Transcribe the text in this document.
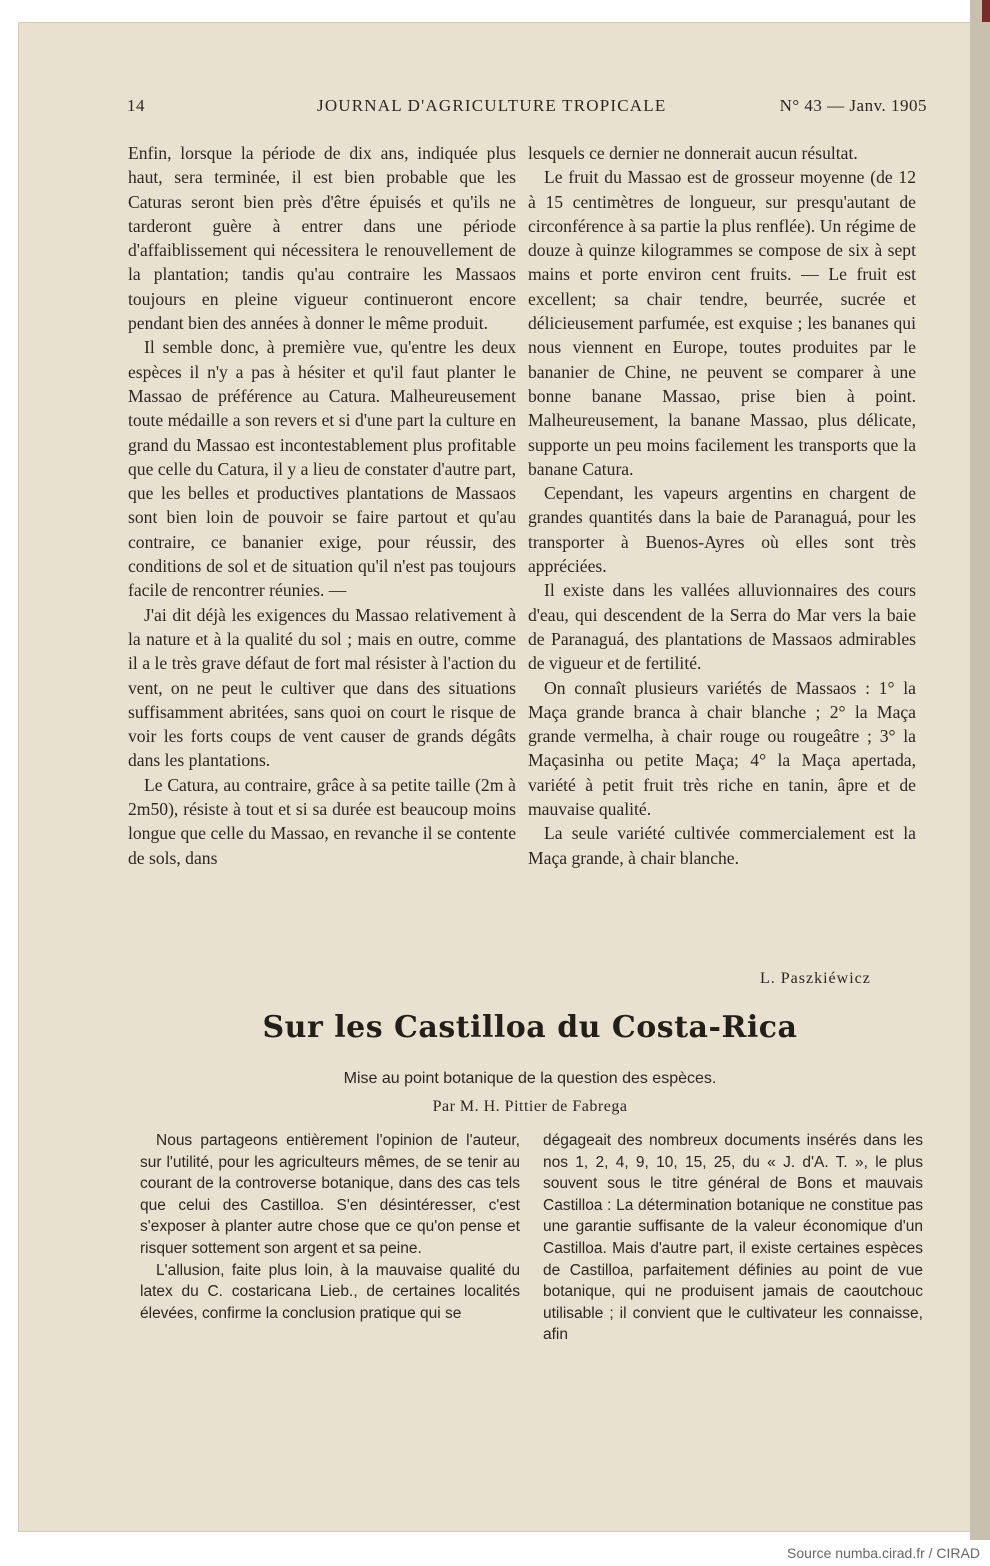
14	JOURNAL D'AGRICULTURE TROPICALE	N° 43 — Janv. 1905

Enfin, lorsque la période de dix ans, indiquée plus haut, sera terminée, il est bien probable que les Caturas seront bien près d'être épuisés et qu'ils ne tarderont guère à entrer dans une période d'affaiblissement qui nécessitera le renouvellement de la plantation; tandis qu'au contraire les Massaos toujours en pleine vigueur continueront encore pendant bien des années à donner le même produit.

Il semble donc, à première vue, qu'entre les deux espèces il n'y a pas à hésiter et qu'il faut planter le Massao de préférence au Catura. Malheureusement toute médaille a son revers et si d'une part la culture en grand du Massao est incontestablement plus profitable que celle du Catura, il y a lieu de constater d'autre part, que les belles et productives plantations de Massaos sont bien loin de pouvoir se faire partout et qu'au contraire, ce bananier exige, pour réussir, des conditions de sol et de situation qu'il n'est pas toujours facile de rencontrer réunies. —

J'ai dit déjà les exigences du Massao relativement à la nature et à la qualité du sol ; mais en outre, comme il a le très grave défaut de fort mal résister à l'action du vent, on ne peut le cultiver que dans des situations suffisamment abritées, sans quoi on court le risque de voir les forts coups de vent causer de grands dégâts dans les plantations.

Le Catura, au contraire, grâce à sa petite taille (2m à 2m50), résiste à tout et si sa durée est beaucoup moins longue que celle du Massao, en revanche il se contente de sols, dans

lesquels ce dernier ne donnerait aucun résultat.

Le fruit du Massao est de grosseur moyenne (de 12 à 15 centimètres de longueur, sur presqu'autant de circonférence à sa partie la plus renflée). Un régime de douze à quinze kilogrammes se compose de six à sept mains et porte environ cent fruits. — Le fruit est excellent; sa chair tendre, beurrée, sucrée et délicieusement parfumée, est exquise ; les bananes qui nous viennent en Europe, toutes produites par le bananier de Chine, ne peuvent se comparer à une bonne banane Massao, prise bien à point. Malheureusement, la banane Massao, plus délicate, supporte un peu moins facilement les transports que la banane Catura.

Cependant, les vapeurs argentins en chargent de grandes quantités dans la baie de Paranaguá, pour les transporter à Buenos-Ayres où elles sont très appréciées.

Il existe dans les vallées alluvionnaires des cours d'eau, qui descendent de la Serra do Mar vers la baie de Paranaguá, des plantations de Massaos admirables de vigueur et de fertilité.

On connaît plusieurs variétés de Massaos : 1° la Maça grande branca à chair blanche ; 2° la Maça grande vermelha, à chair rouge ou rougeâtre ; 3° la Maçasinha ou petite Maça; 4° la Maça apertada, variété à petit fruit très riche en tanin, âpre et de mauvaise qualité.

La seule variété cultivée commercialement est la Maça grande, à chair blanche.

L. Paszkiéwicz
Sur les Castilloa du Costa-Rica
Mise au point botanique de la question des espèces.
Par M. H. Pittier de Fabrega

Nous partageons entièrement l'opinion de l'auteur, sur l'utilité, pour les agriculteurs mêmes, de se tenir au courant de la controverse botanique, dans des cas tels que celui des Castilloa. S'en désintéresser, c'est s'exposer à planter autre chose que ce qu'on pense et risquer sottement son argent et sa peine.

L'allusion, faite plus loin, à la mauvaise qualité du latex du C. costaricana Lieb., de certaines localités élevées, confirme la conclusion pratique qui se

dégageait des nombreux documents insérés dans les nos 1, 2, 4, 9, 10, 15, 25, du « J. d'A. T. », le plus souvent sous le titre général de Bons et mauvais Castilloa : La détermination botanique ne constitue pas une garantie suffisante de la valeur économique d'un Castilloa. Mais d'autre part, il existe certaines espèces de Castilloa, parfaitement définies au point de vue botanique, qui ne produisent jamais de caoutchouc utilisable ; il convient que le cultivateur les connaisse, afin

Source numba.cirad.fr / CIRAD
